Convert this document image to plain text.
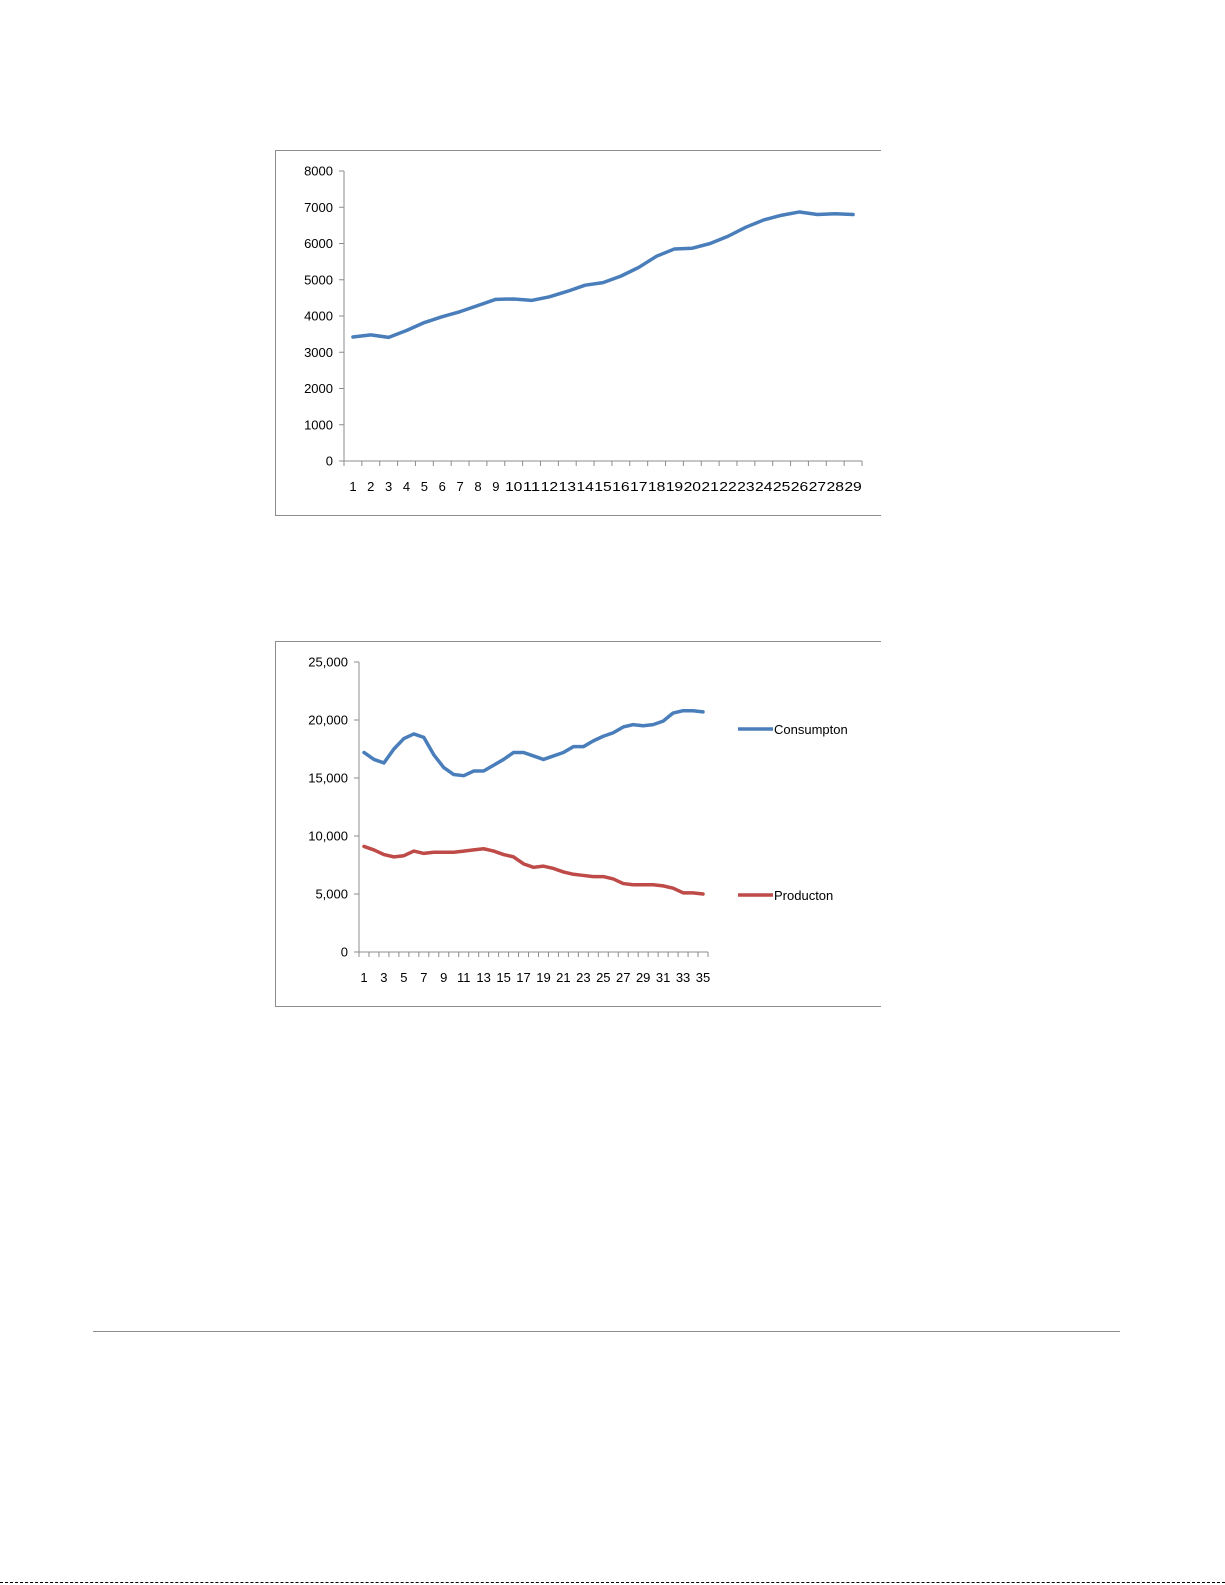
0
1000
2000
3000
4000
5000
6000
7000
8000
1 2 3 4 5 6 7 8 9 10 11 12 13 14 15 16 17 18 19 20 21 22 23 24 25 26 27 28 29
0
5,000
10,000
15,000
20,000
25,000
1 3 5 7 9 11 13 15 17 19 21 23 25 27 29 31 33 35
Consumpton
Producton
